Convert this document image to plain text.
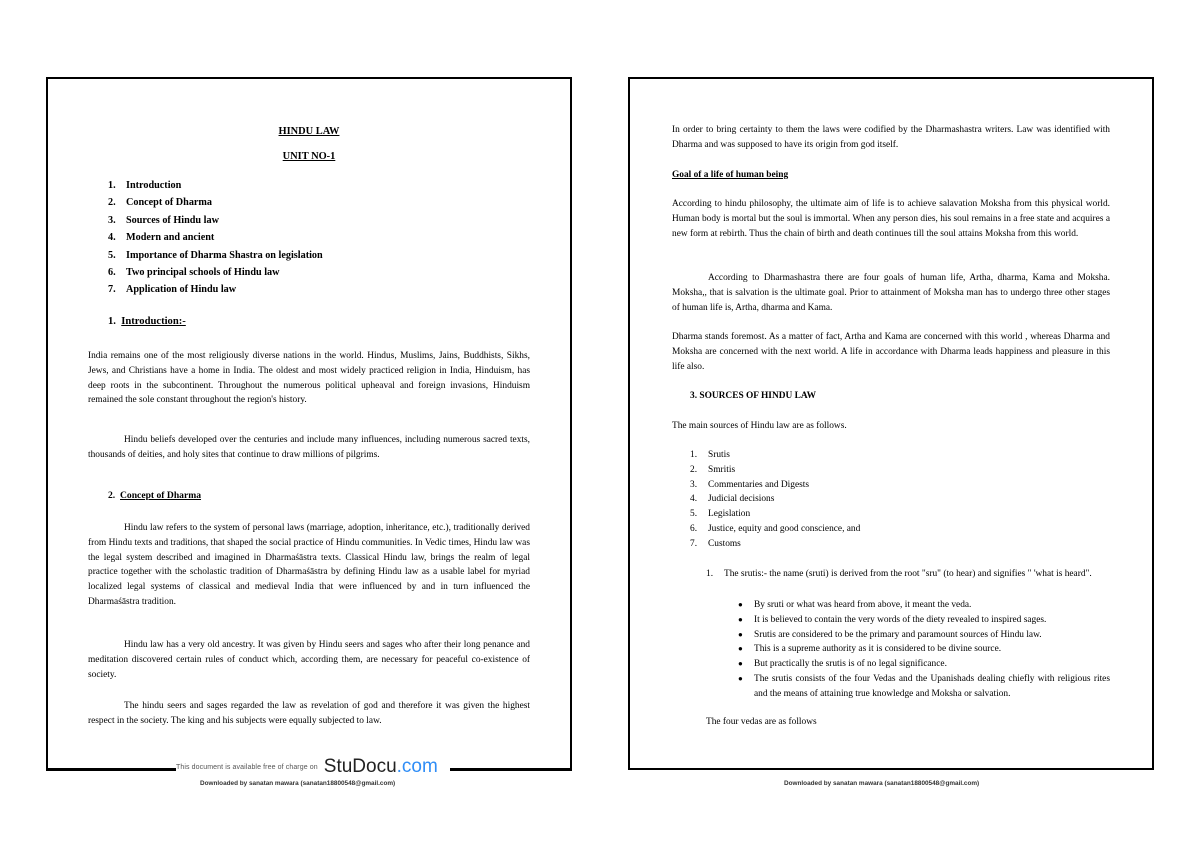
HINDU LAW

UNIT NO-1

1. Introduction
2. Concept of Dharma
3. Sources of Hindu law
4. Modern and ancient
5. Importance of Dharma Shastra on legislation
6. Two principal schools of Hindu law
7. Application of Hindu law
1. Introduction:-

India remains one of the most religiously diverse nations in the world. Hindus, Muslims, Jains, Buddhists, Sikhs, Jews, and Christians have a home in India. The oldest and most widely practiced religion in India, Hinduism, has deep roots in the subcontinent. Throughout the numerous political upheaval and foreign invasions, Hinduism remained the sole constant throughout the region's history.

Hindu beliefs developed over the centuries and include many influences, including numerous sacred texts, thousands of deities, and holy sites that continue to draw millions of pilgrims.

2. Concept of Dharma

Hindu law refers to the system of personal laws (marriage, adoption, inheritance, etc.), traditionally derived from Hindu texts and traditions, that shaped the social practice of Hindu communities. In Vedic times, Hindu law was the legal system described and imagined in Dharmaśāstra texts. Classical Hindu law, brings the realm of legal practice together with the scholastic tradition of Dharmaśāstra by defining Hindu law as a usable label for myriad localized legal systems of classical and medieval India that were influenced by and in turn influenced the Dharmaśāstra tradition.

Hindu law has a very old ancestry. It was given by Hindu seers and sages who after their long penance and meditation discovered certain rules of conduct which, according them, are necessary for peaceful co-existence of society.

The hindu seers and sages regarded the law as revelation of god and therefore it was given the highest respect in the society. The king and his subjects were equally subjected to law.

In order to bring certainty to them the laws were codified by the Dharmashastra writers. Law was identified with Dharma and was supposed to have its origin from god itself.

Goal of a life of human being

According to hindu philosophy, the ultimate aim of life is to achieve salavation Moksha from this physical world. Human body is mortal but the soul is immortal. When any person dies, his soul remains in a free state and acquires a new form at rebirth. Thus the chain of birth and death continues till the soul attains Moksha from this world.

According to Dharmashastra there are four goals of human life, Artha, dharma, Kama and Moksha. Moksha,, that is salvation is the ultimate goal. Prior to attainment of Moksha man has to undergo three other stages of human life is, Artha, dharma and Kama.

Dharma stands foremost. As a matter of fact, Artha and Kama are concerned with this world , whereas Dharma and Moksha are concerned with the next world. A life in accordance with Dharma leads happiness and pleasure in this life also.

3. SOURCES OF HINDU LAW

The main sources of Hindu law are as follows.

1. Srutis
2. Smritis
3. Commentaries and Digests
4. Judicial decisions
5. Legislation
6. Justice, equity and good conscience, and
7. Customs
1. The srutis:- the name (sruti) is derived from the root "sru" (to hear) and signifies " 'what is heard".
● By sruti or what was heard from above, it meant the veda.
● It is believed to contain the very words of the diety revealed to inspired sages.
● Srutis are considered to be the primary and paramount sources of Hindu law.
● This is a supreme authority as it is considered to be divine source.
● But practically the srutis is of no legal significance.
● The srutis consists of the four Vedas and the Upanishads dealing chiefly with religious rites and the means of attaining true knowledge and Moksha or salvation.

The four vedas are as follows

This document is available free of charge on StuDocu.com
Downloaded by sanatan mawara (sanatan18800548@gmail.com)	Downloaded by sanatan mawara (sanatan18800548@gmail.com)
